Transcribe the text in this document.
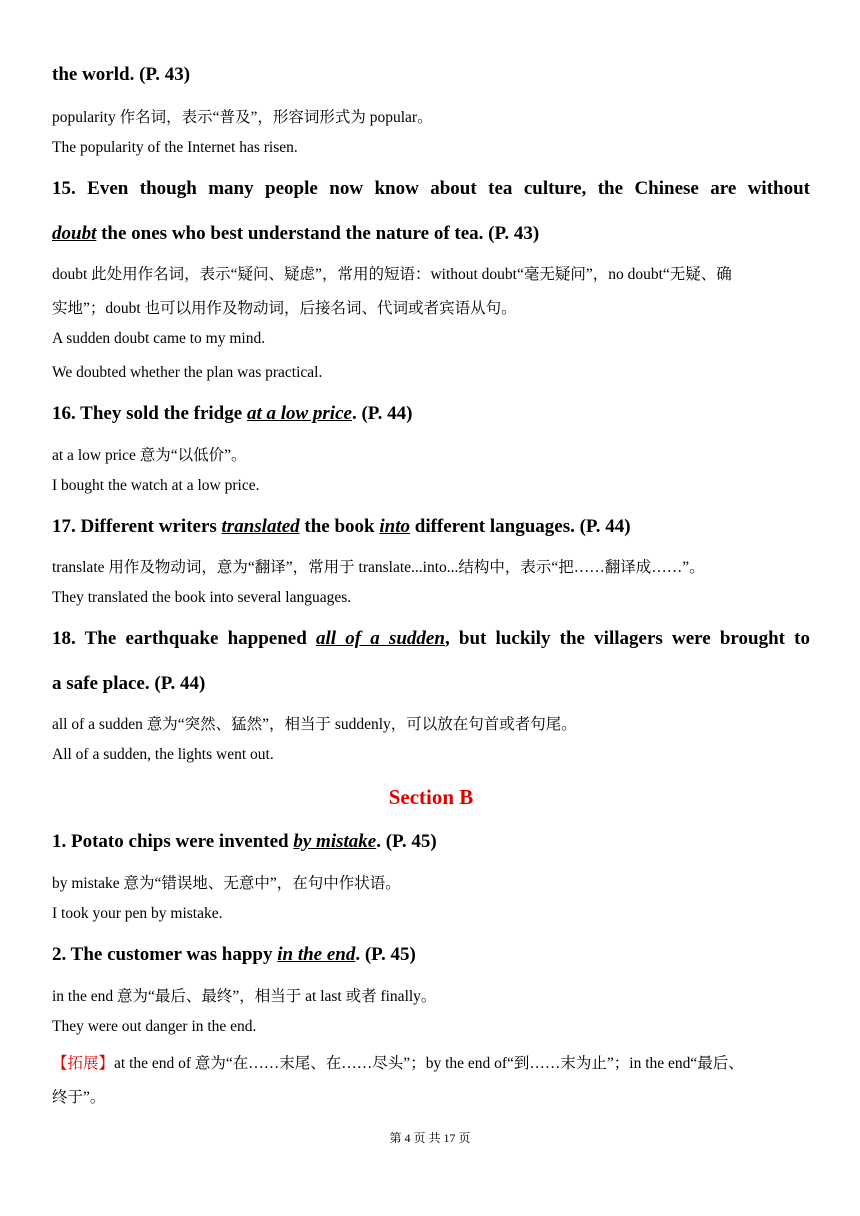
the world. (P. 43)
popularity 作名词，表示“普及”，形容词形式为 popular。
The popularity of the Internet has risen.
15. Even though many people now know about tea culture, the Chinese are without
doubt the ones who best understand the nature of tea. (P. 43)
doubt 此处用作名词，表示“疑问、疑虑”，常用的短语：without doubt“毫无疑问”，no doubt“无疑、确
实地”；doubt 也可以用作及物动词，后接名词、代词或者宾语从句。
A sudden doubt came to my mind.
We doubted whether the plan was practical.
16. They sold the fridge at a low price. (P. 44)
at a low price 意为“以低价”。
I bought the watch at a low price.
17. Different writers translated the book into different languages. (P. 44)
translate 用作及物动词，意为“翻译”，常用于 translate...into...结构中，表示“把……翻译成……”。
They translated the book into several languages.
18. The earthquake happened all of a sudden, but luckily the villagers were brought to
a safe place. (P. 44)
all of a sudden 意为“突然、猛然”，相当于 suddenly，可以放在句首或者句尾。
All of a sudden, the lights went out.
Section B
1. Potato chips were invented by mistake. (P. 45)
by mistake 意为“错误地、无意中”，在句中作状语。
I took your pen by mistake.
2. The customer was happy in the end. (P. 45)
in the end 意为“最后、最终”，相当于 at last 或者 finally。
They were out danger in the end.
【拓展】at the end of 意为“在……末尾、在……尽头”；by the end of“到……末为止”；in the end“最后、
终于”。
第 4 页 共 17 页
